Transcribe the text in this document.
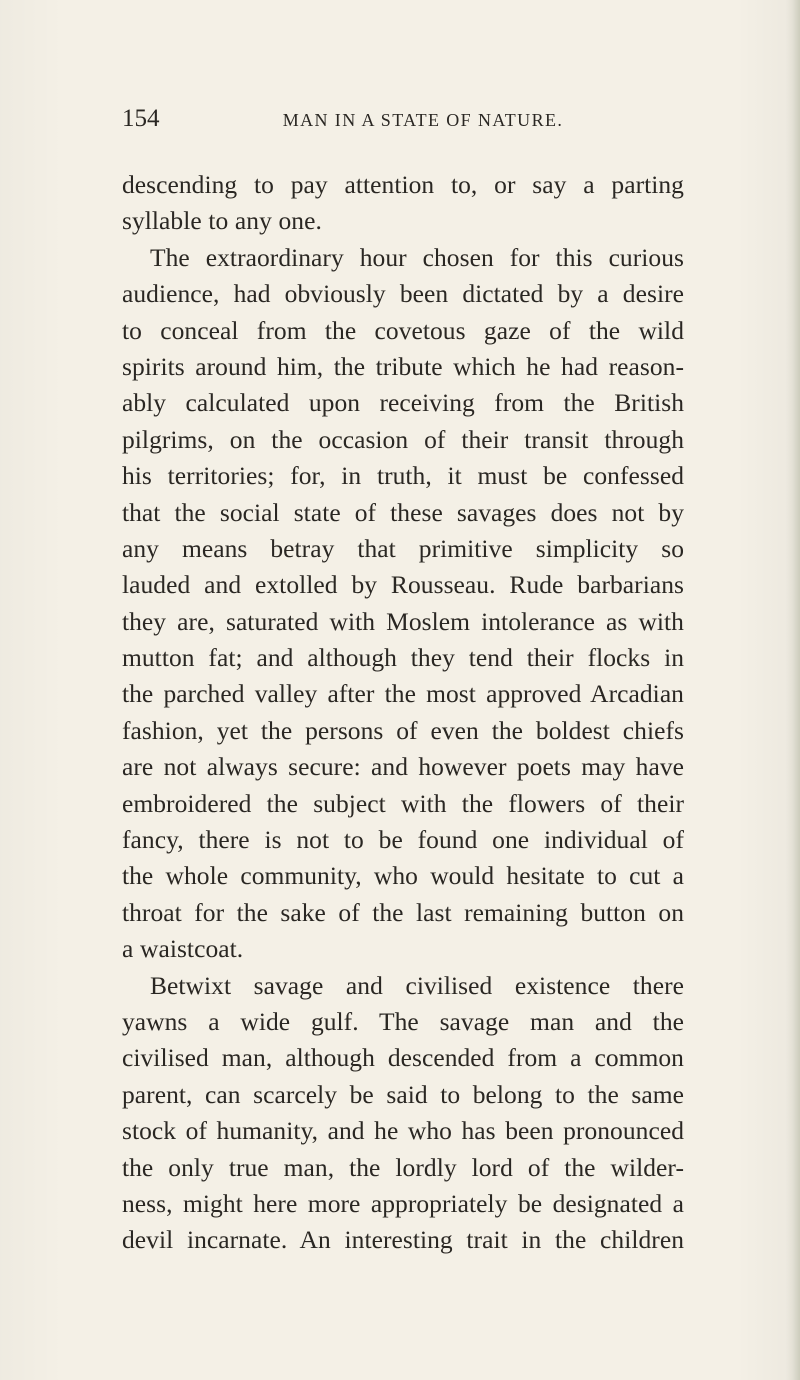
154	MAN IN A STATE OF NATURE.
descending to pay attention to, or say a parting
syllable to any one.
The extraordinary hour chosen for this curious
audience, had obviously been dictated by a desire
to conceal from the covetous gaze of the wild
spirits around him, the tribute which he had reason-
ably calculated upon receiving from the British
pilgrims, on the occasion of their transit through
his territories; for, in truth, it must be confessed
that the social state of these savages does not by
any means betray that primitive simplicity so
lauded and extolled by Rousseau. Rude barbarians
they are, saturated with Moslem intolerance as with
mutton fat; and although they tend their flocks in
the parched valley after the most approved Arcadian
fashion, yet the persons of even the boldest chiefs
are not always secure: and however poets may have
embroidered the subject with the flowers of their
fancy, there is not to be found one individual of
the whole community, who would hesitate to cut a
throat for the sake of the last remaining button on
a waistcoat.
Betwixt savage and civilised existence there
yawns a wide gulf. The savage man and the
civilised man, although descended from a common
parent, can scarcely be said to belong to the same
stock of humanity, and he who has been pronounced
the only true man, the lordly lord of the wilder-
ness, might here more appropriately be designated a
devil incarnate. An interesting trait in the children
